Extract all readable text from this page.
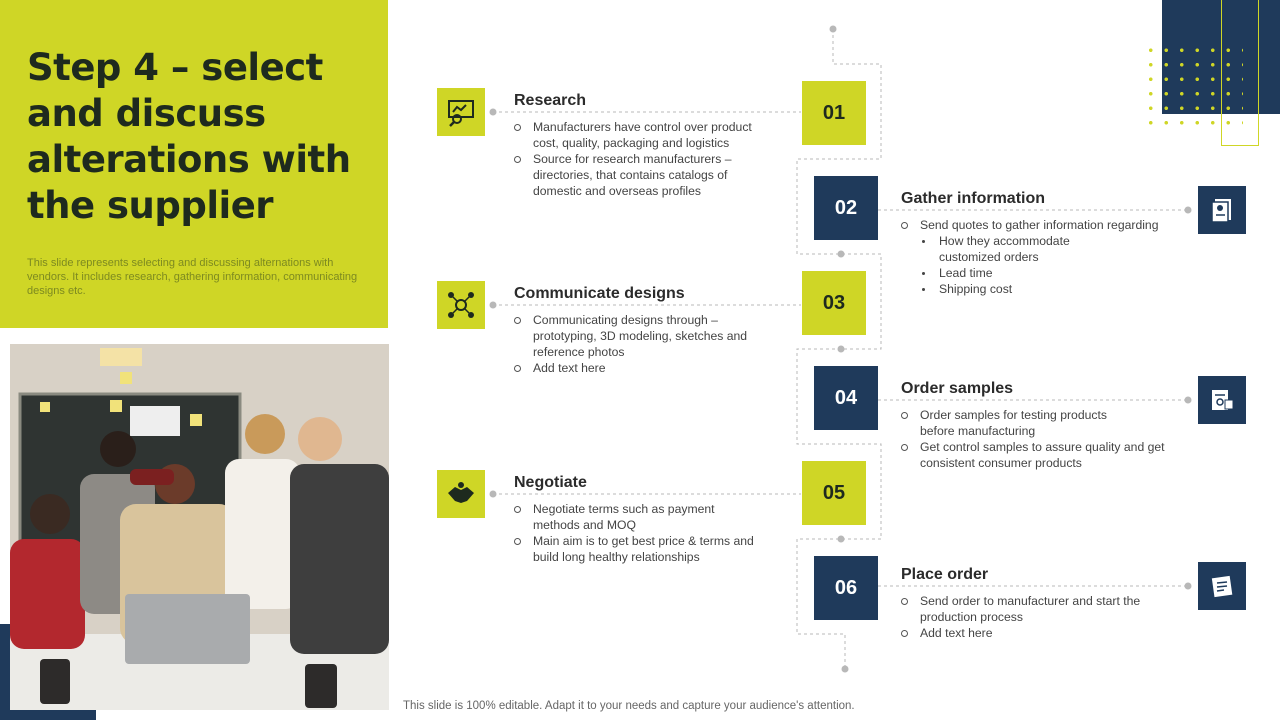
Step 4 – select and discuss alterations with the supplier

This slide represents selecting and discussing alternations with vendors. It includes research, gathering information, communicating designs etc.

01
02
03
04
05
06
Research
Manufacturers have control over product cost, quality, packaging and logistics
Source for research manufacturers – directories, that contains catalogs of domestic and overseas profiles	Gather information
Send quotes to gather information regarding
How they accommodate customized orders
Lead time
Shipping cost
Communicate designs
Communicating designs through – prototyping, 3D modeling, sketches and reference photos
Add text here
Order samples
Order samples for testing products before manufacturing
Get control samples to assure quality and get consistent consumer products
Negotiate
Negotiate terms such as payment methods and MOQ
Main aim is to get best price & terms and build long healthy relationships
Place order
Send order to manufacturer and start the production process
Add text here
This slide is 100% editable. Adapt it to your needs and capture your audience's attention.
